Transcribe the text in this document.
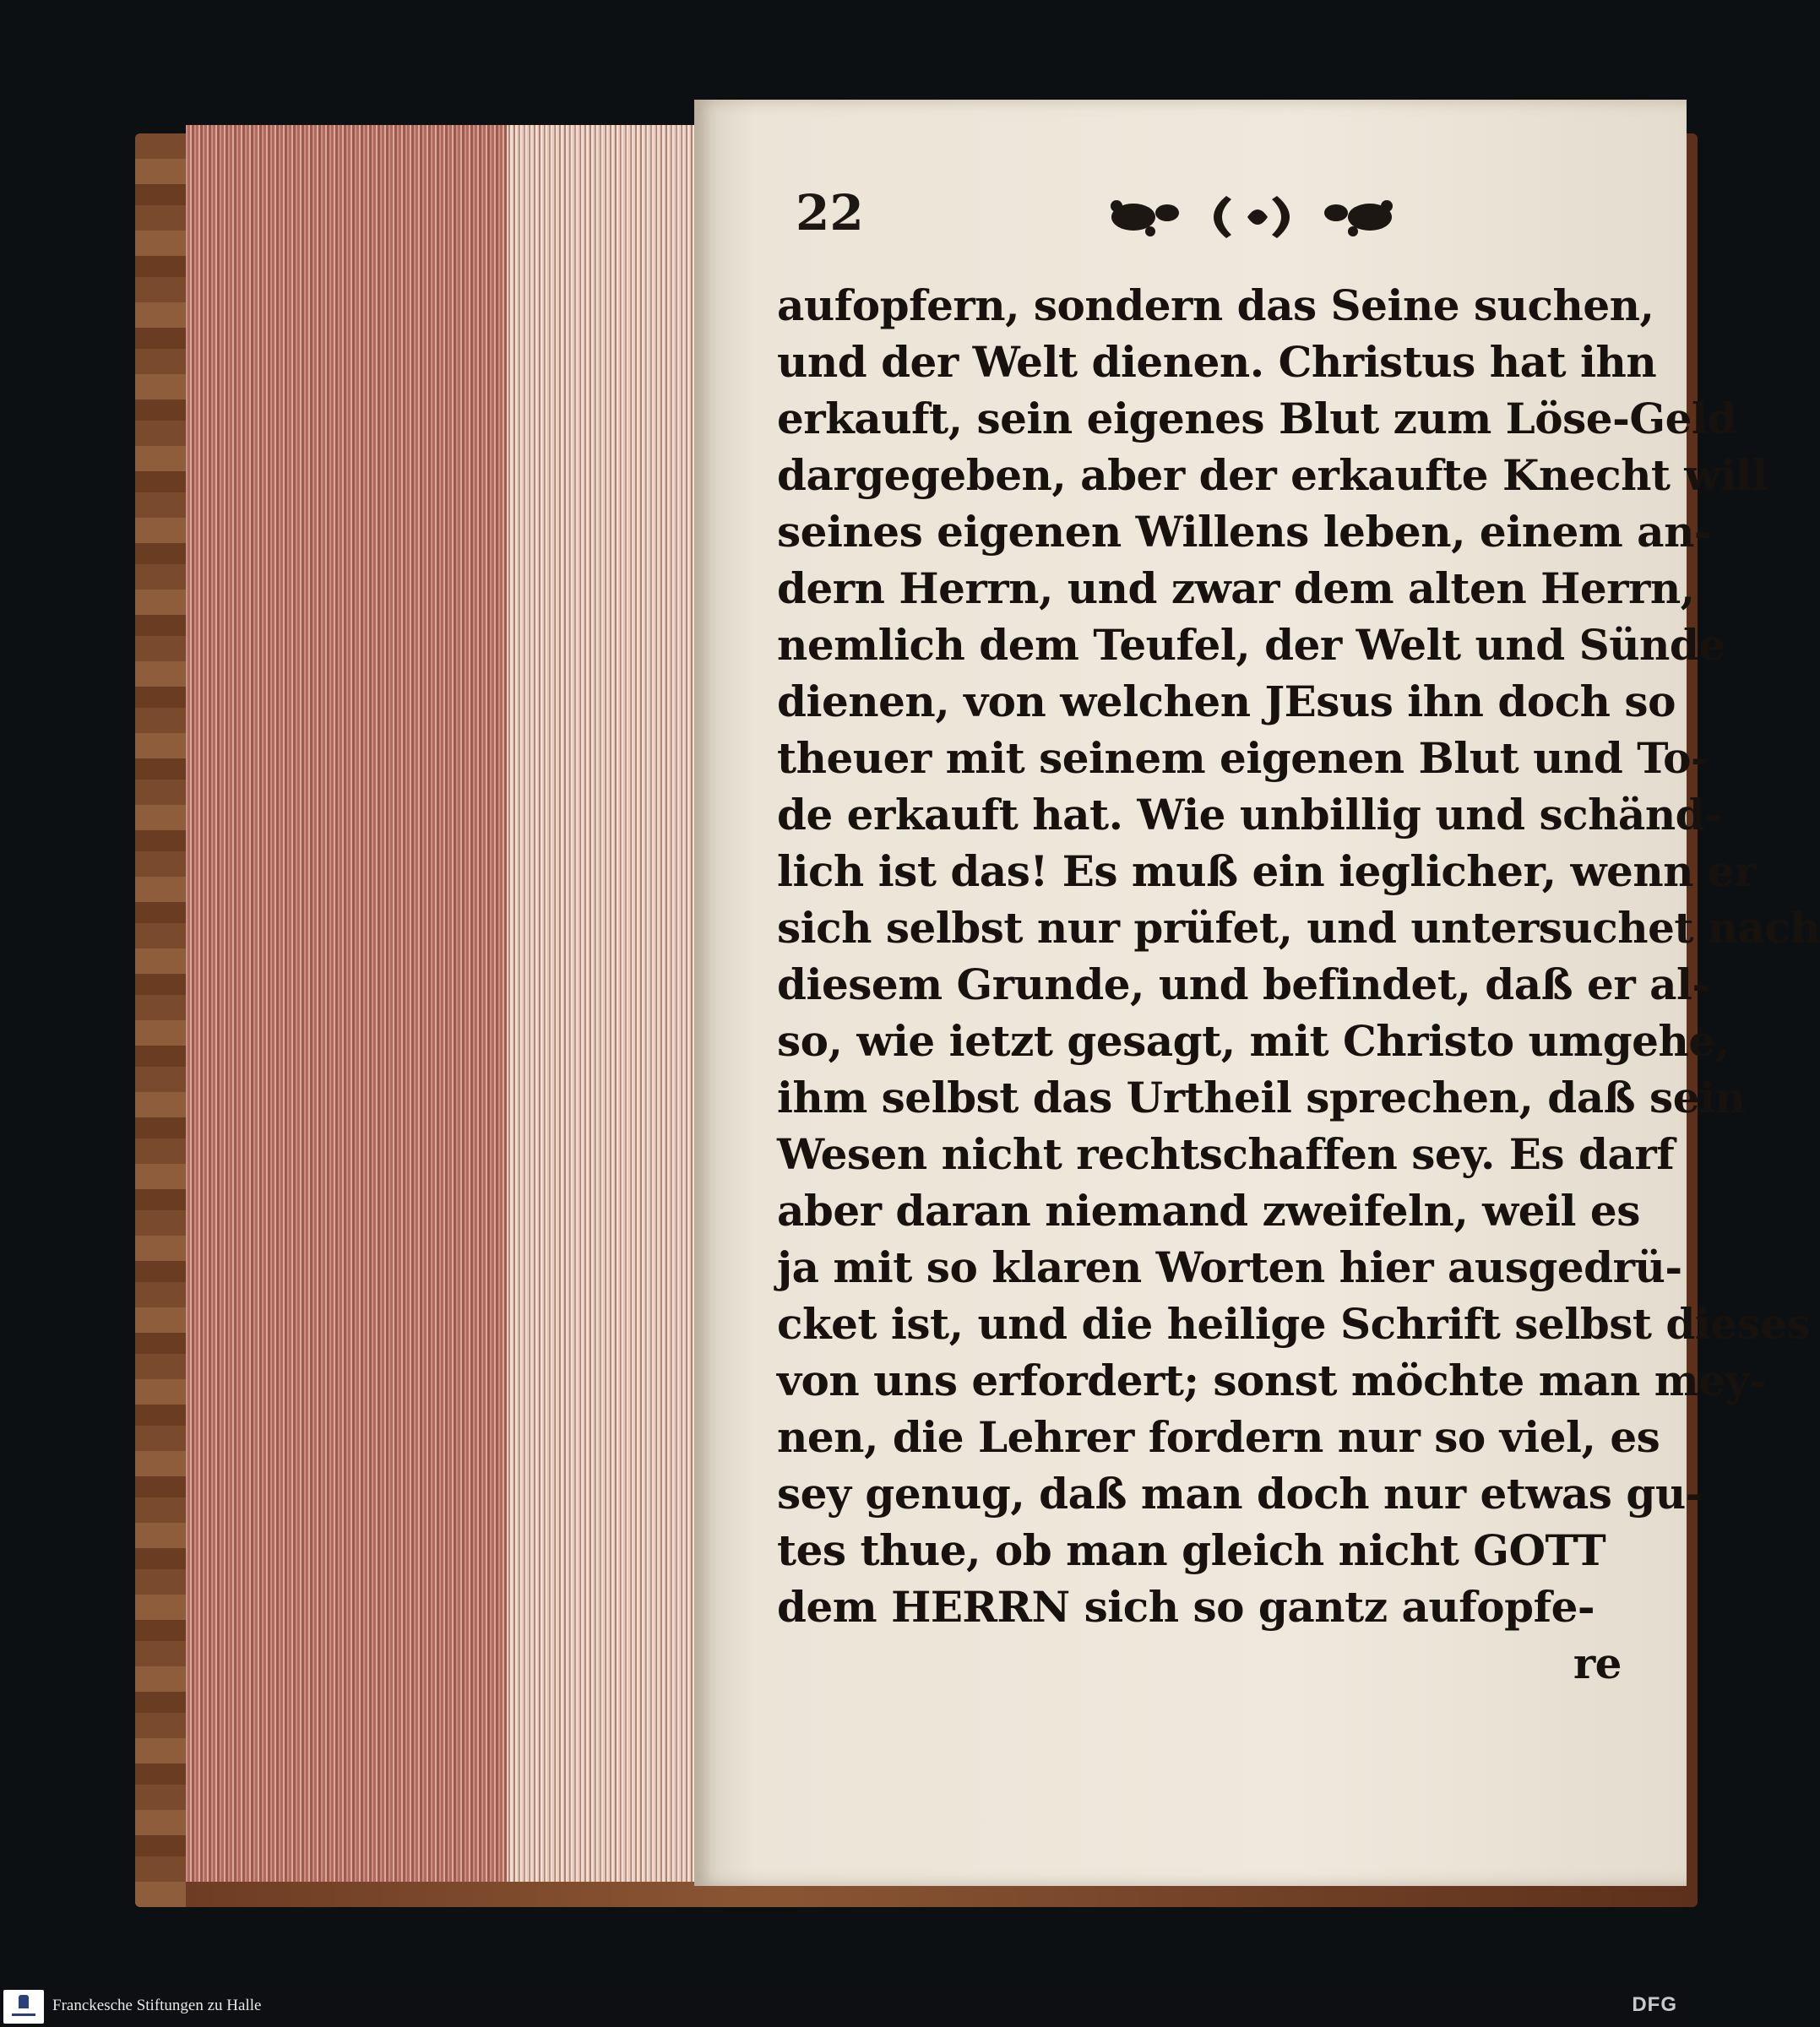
22
aufopfern, sondern das Seine suchen,
und der Welt dienen. Christus hat ihn
erkauft, sein eigenes Blut zum Löse-Geld
dargegeben, aber der erkaufte Knecht will
seines eigenen Willens leben, einem an-
dern Herrn, und zwar dem alten Herrn,
nemlich dem Teufel, der Welt und Sünde
dienen, von welchen JEsus ihn doch so
theuer mit seinem eigenen Blut und To-
de erkauft hat. Wie unbillig und schänd-
lich ist das! Es muß ein ieglicher, wenn er
sich selbst nur prüfet, und untersuchet nach
diesem Grunde, und befindet, daß er al-
so, wie ietzt gesagt, mit Christo umgehe,
ihm selbst das Urtheil sprechen, daß sein
Wesen nicht rechtschaffen sey. Es darf
aber daran niemand zweifeln, weil es
ja mit so klaren Worten hier ausgedrü-
cket ist, und die heilige Schrift selbst dieses
von uns erfordert; sonst möchte man mey-
nen, die Lehrer fordern nur so viel, es
sey genug, daß man doch nur etwas gu-
tes thue, ob man gleich nicht GOTT
dem HERRN sich so gantz aufopfe-
re
Franckesche Stiftungen zu Halle	DFG
